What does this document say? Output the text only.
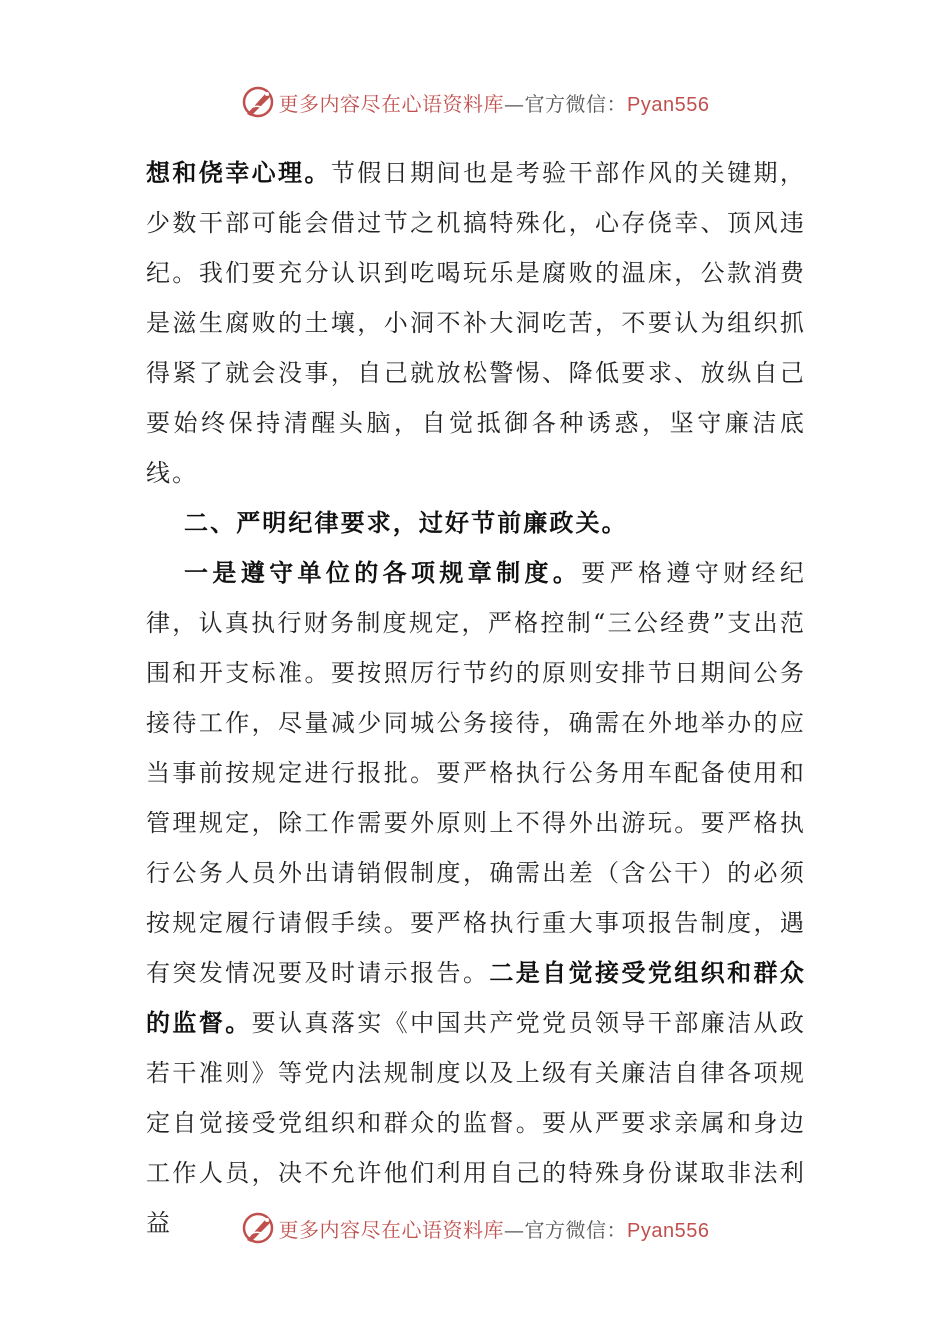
更多内容尽在心语资料库—官方微信：Pyan556

想和侥幸心理。节假日期间也是考验干部作风的关键期，少数干部可能会借过节之机搞特殊化，心存侥幸、顶风违纪。我们要充分认识到吃喝玩乐是腐败的温床，公款消费是滋生腐败的土壤，小洞不补大洞吃苦，不要认为组织抓得紧了就会没事，自己就放松警惕、降低要求、放纵自己要始终保持清醒头脑，自觉抵御各种诱惑，坚守廉洁底线。

二、严明纪律要求，过好节前廉政关。

一是遵守单位的各项规章制度。要严格遵守财经纪律，认真执行财务制度规定，严格控制“三公经费”支出范围和开支标准。要按照厉行节约的原则安排节日期间公务接待工作，尽量减少同城公务接待，确需在外地举办的应当事前按规定进行报批。要严格执行公务用车配备使用和管理规定，除工作需要外原则上不得外出游玩。要严格执行公务人员外出请销假制度，确需出差（含公干）的必须按规定履行请假手续。要严格执行重大事项报告制度，遇有突发情况要及时请示报告。二是自觉接受党组织和群众的监督。要认真落实《中国共产党党员领导干部廉洁从政若干准则》等党内法规制度以及上级有关廉洁自律各项规定自觉接受党组织和群众的监督。要从严要求亲属和身边工作人员，决不允许他们利用自己的特殊身份谋取非法利益	更多内容尽在心语资料库—官方微信：Pyan556
